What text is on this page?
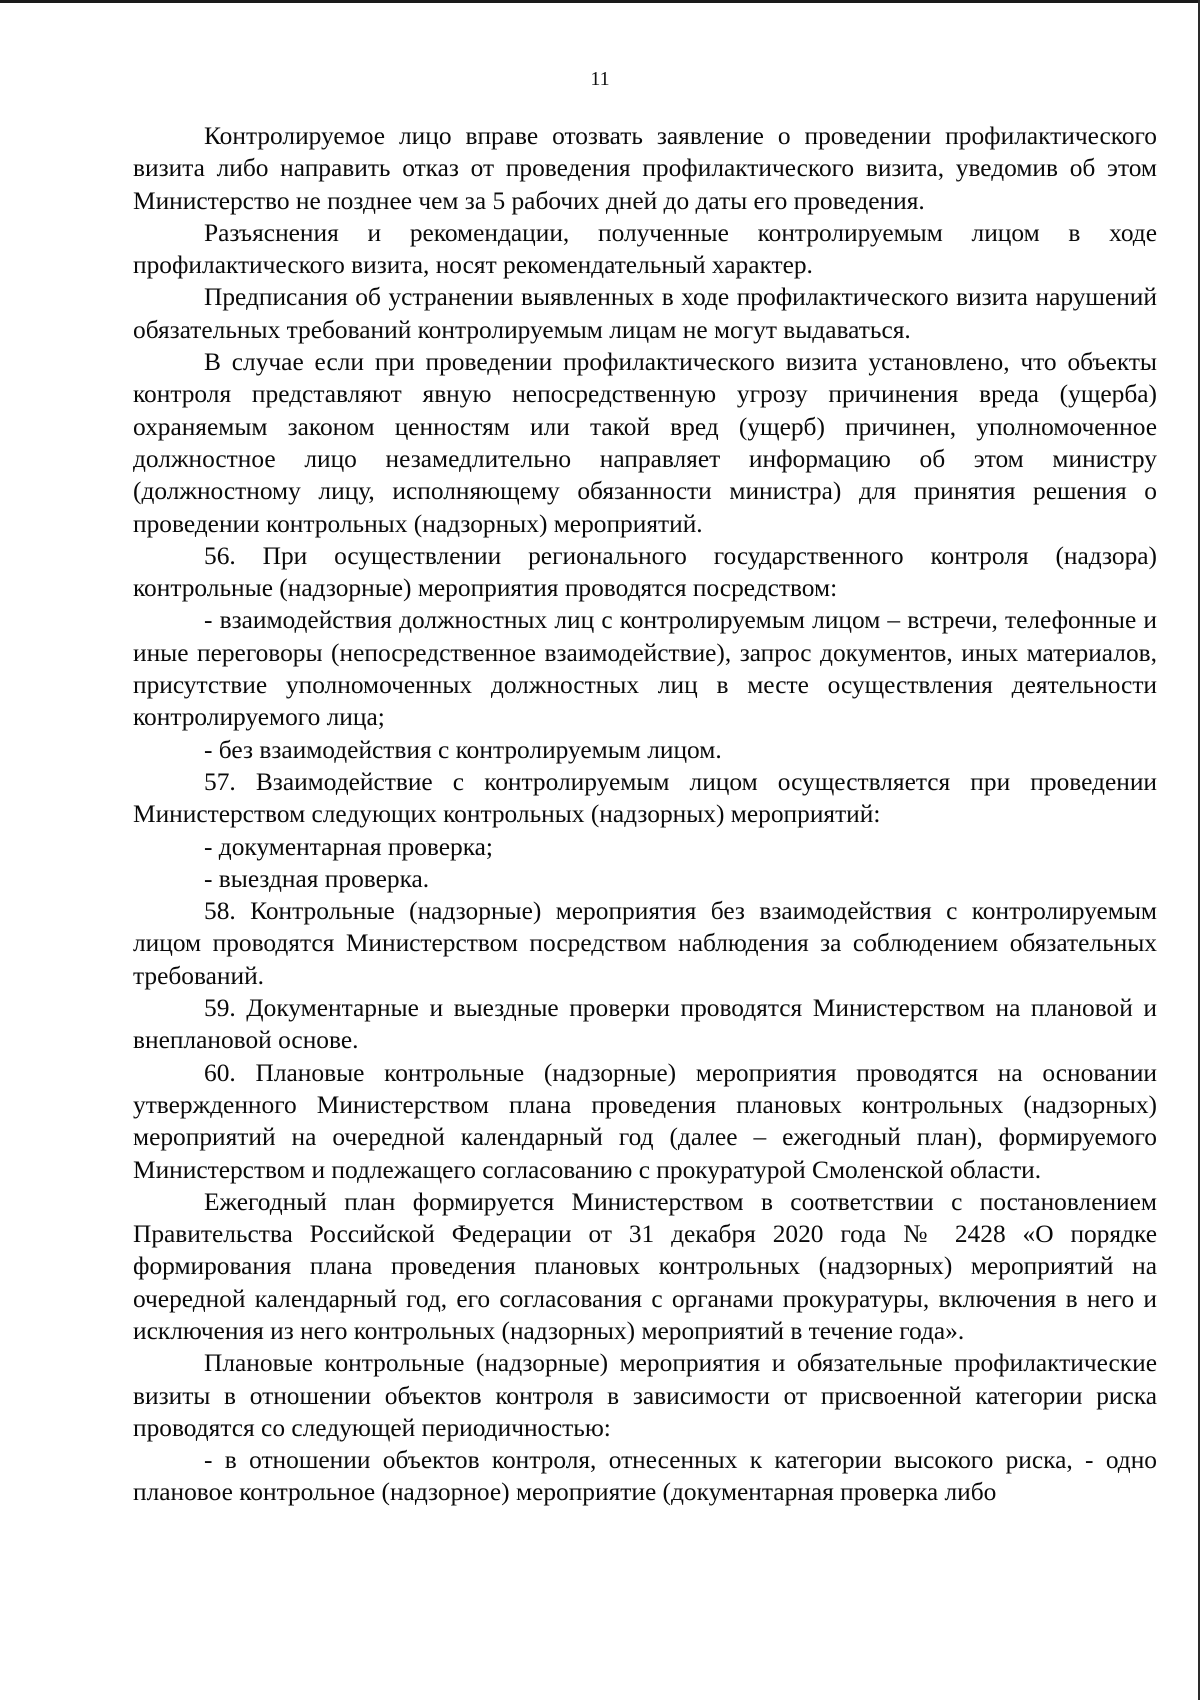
11

Контролируемое лицо вправе отозвать заявление о проведении профилактического визита либо направить отказ от проведения профилактического визита, уведомив об этом Министерство не позднее чем за 5 рабочих дней до даты его проведения.

Разъяснения и рекомендации, полученные контролируемым лицом в ходе профилактического визита, носят рекомендательный характер.

Предписания об устранении выявленных в ходе профилактического визита нарушений обязательных требований контролируемым лицам не могут выдаваться.

В случае если при проведении профилактического визита установлено, что объекты контроля представляют явную непосредственную угрозу причинения вреда (ущерба) охраняемым законом ценностям или такой вред (ущерб) причинен, уполномоченное должностное лицо незамедлительно направляет информацию об этом министру (должностному лицу, исполняющему обязанности министра) для принятия решения о проведении контрольных (надзорных) мероприятий.

56. При осуществлении регионального государственного контроля (надзора) контрольные (надзорные) мероприятия проводятся посредством:

- взаимодействия должностных лиц с контролируемым лицом – встречи, телефонные и иные переговоры (непосредственное взаимодействие), запрос документов, иных материалов, присутствие уполномоченных должностных лиц в месте осуществления деятельности контролируемого лица;

- без взаимодействия с контролируемым лицом.

57. Взаимодействие с контролируемым лицом осуществляется при проведении Министерством следующих контрольных (надзорных) мероприятий:

- документарная проверка;

- выездная проверка.

58. Контрольные (надзорные) мероприятия без взаимодействия с контролируемым лицом проводятся Министерством посредством наблюдения за соблюдением обязательных требований.

59. Документарные и выездные проверки проводятся Министерством на плановой и внеплановой основе.

60. Плановые контрольные (надзорные) мероприятия проводятся на основании утвержденного Министерством плана проведения плановых контрольных (надзорных) мероприятий на очередной календарный год (далее – ежегодный план), формируемого Министерством и подлежащего согласованию с прокуратурой Смоленской области.

Ежегодный план формируется Министерством в соответствии с постановлением Правительства Российской Федерации от 31 декабря 2020 года № 2428 «О порядке формирования плана проведения плановых контрольных (надзорных) мероприятий на очередной календарный год, его согласования с органами прокуратуры, включения в него и исключения из него контрольных (надзорных) мероприятий в течение года».

Плановые контрольные (надзорные) мероприятия и обязательные профилактические визиты в отношении объектов контроля в зависимости от присвоенной категории риска проводятся со следующей периодичностью:

- в отношении объектов контроля, отнесенных к категории высокого риска, - одно плановое контрольное (надзорное) мероприятие (документарная проверка либо
